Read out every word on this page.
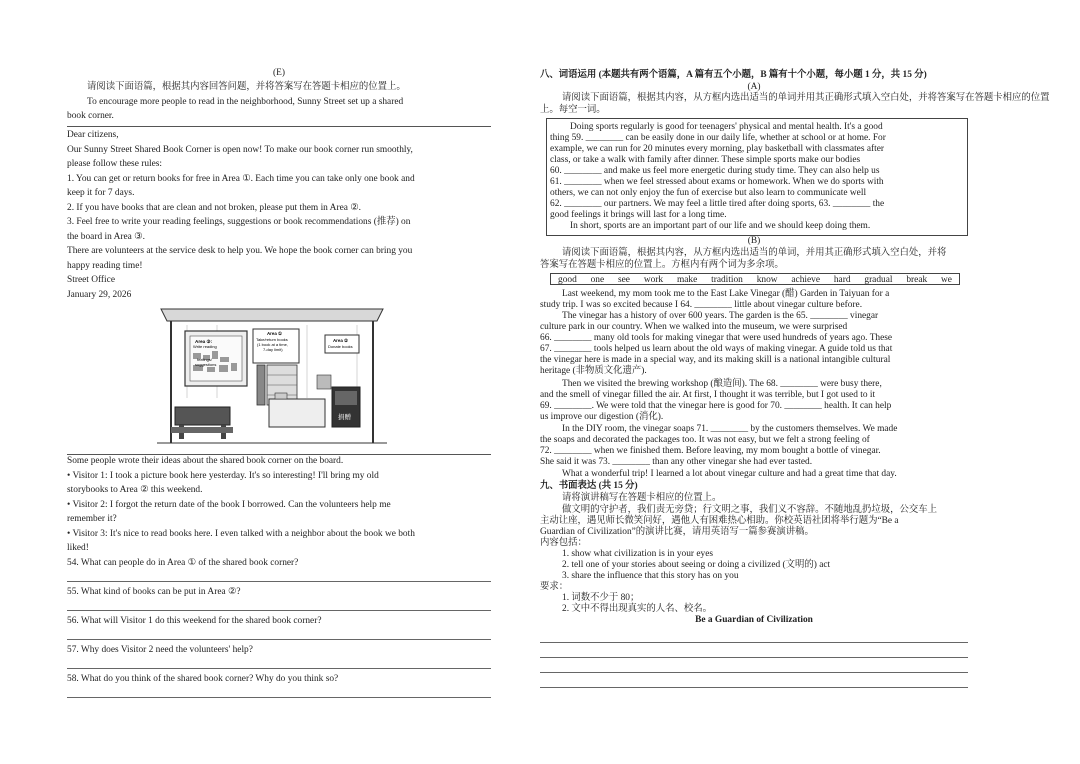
(E)
请阅读下面语篇，根据其内容回答问题，并将答案写在答题卡相应的位置上。
To encourage more people to read in the neighborhood, Sunny Street set up a shared
book corner.
Dear citizens,
Our Sunny Street Shared Book Corner is open now! To make our book corner run smoothly,
please follow these rules:
1. You can get or return books for free in Area ①. Each time you can take only one book and
keep it for 7 days.
2. If you have books that are clean and not broken, please put them in Area ②.
3. Feel free to write your reading feelings, suggestions or book recommendations (推荐) on
the board in Area ③.
There are volunteers at the service desk to help you. We hope the book corner can bring you
happy reading time!
Street Office
January 29, 2026
Area ③:
Write reading
feelings/
suggestions
Area ①
Take/return books
(1 book at a time,
7-day limit)
Area ②
Donate books
捐赠
Some people wrote their ideas about the shared book corner on the board.
• Visitor 1: I took a picture book here yesterday. It's so interesting! I'll bring my old
storybooks to Area ② this weekend.
• Visitor 2: I forgot the return date of the book I borrowed. Can the volunteers help me
remember it?
• Visitor 3: It's nice to read books here. I even talked with a neighbor about the book we both
liked!
54. What can people do in Area ① of the shared book corner?
55. What kind of books can be put in Area ②?
56. What will Visitor 1 do this weekend for the shared book corner?
57. Why does Visitor 2 need the volunteers' help?
58. What do you think of the shared book corner? Why do you think so?
八、词语运用 (本题共有两个语篇，A 篇有五个小题，B 篇有十个小题，每小题 1 分，共 15 分)
(A)
请阅读下面语篇，根据其内容，从方框内选出适当的单词并用其正确形式填入空白处，并将答案写在答题卡相应的位置
上。每空一词。
Doing sports regularly is good for teenagers' physical and mental health. It's a good
thing 59. ________ can be easily done in our daily life, whether at school or at home. For
example, we can run for 20 minutes every morning, play basketball with classmates after
class, or take a walk with family after dinner. These simple sports make our bodies
60. ________ and make us feel more energetic during study time. They can also help us
61. ________ when we feel stressed about exams or homework. When we do sports with
others, we can not only enjoy the fun of exercise but also learn to communicate well
62. ________ our partners. We may feel a little tired after doing sports, 63. ________ the
good feelings it brings will last for a long time.
In short, sports are an important part of our life and we should keep doing them.
(B)
请阅读下面语篇，根据其内容，从方框内选出适当的单词，并用其正确形式填入空白处，并将
答案写在答题卡相应的位置上。方框内有两个词为多余项。
good	one	see	work	make	tradition	know	achieve	hard	gradual	break	we
Last weekend, my mom took me to the East Lake Vinegar (醋) Garden in Taiyuan for a
study trip. I was so excited because I 64. ________ little about vinegar culture before.
The vinegar has a history of over 600 years. The garden is the 65. ________ vinegar
culture park in our country. When we walked into the museum, we were surprised
66. ________ many old tools for making vinegar that were used hundreds of years ago. These
67. ________ tools helped us learn about the old ways of making vinegar. A guide told us that
the vinegar here is made in a special way, and its making skill is a national intangible cultural
heritage (非物质文化遗产).
Then we visited the brewing workshop (酿造间). The 68. ________ were busy there,
and the smell of vinegar filled the air. At first, I thought it was terrible, but I got used to it
69. ________. We were told that the vinegar here is good for 70. ________ health. It can help
us improve our digestion (消化).
In the DIY room, the vinegar soaps 71. ________ by the customers themselves. We made
the soaps and decorated the packages too. It was not easy, but we felt a strong feeling of
72. ________ when we finished them. Before leaving, my mom bought a bottle of vinegar.
She said it was 73. ________ than any other vinegar she had ever tasted.
What a wonderful trip! I learned a lot about vinegar culture and had a great time that day.
九、书面表达 (共 15 分)
请将演讲稿写在答题卡相应的位置上。
做文明的守护者，我们责无旁贷；行文明之事，我们义不容辞。不随地乱扔垃圾，公交车上
主动让座，遇见师长微笑问好，遇他人有困难热心相助。你校英语社团将举行题为“Be a
Guardian of Civilization”的演讲比赛，请用英语写一篇参赛演讲稿。
内容包括：
1. show what civilization is in your eyes
2. tell one of your stories about seeing or doing a civilized (文明的) act
3. share the influence that this story has on you
要求：
1. 词数不少于 80；
2. 文中不得出现真实的人名、校名。
Be a Guardian of Civilization
